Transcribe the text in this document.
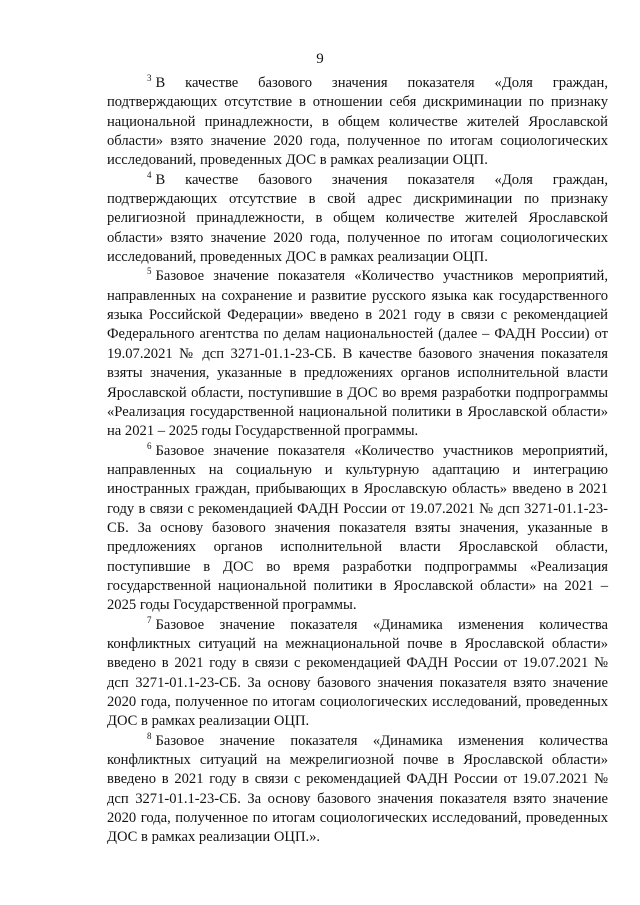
9

$^3$ В качестве базового значения показателя «Доля граждан, подтверждающих отсутствие в отношении себя дискриминации по признаку национальной принадлежности, в общем количестве жителей Ярославской области» взято значение 2020 года, полученное по итогам социологических исследований, проведенных ДОС в рамках реализации ОЦП.

$^4$ В качестве базового значения показателя «Доля граждан, подтверждающих отсутствие в свой адрес дискриминации по признаку религиозной принадлежности, в общем количестве жителей Ярославской области» взято значение 2020 года, полученное по итогам социологических исследований, проведенных ДОС в рамках реализации ОЦП.

$^5$ Базовое значение показателя «Количество участников мероприятий, направленных на сохранение и развитие русского языка как государственного языка Российской Федерации» введено в 2021 году в связи с рекомендацией Федерального агентства по делам национальностей (далее – ФАДН России) от 19.07.2021 № дсп 3271-01.1-23-СБ. В качестве базового значения показателя взяты значения, указанные в предложениях органов исполнительной власти Ярославской области, поступившие в ДОС во время разработки подпрограммы «Реализация государственной национальной политики в Ярославской области» на 2021 – 2025 годы Государственной программы.

$^6$ Базовое значение показателя «Количество участников мероприятий, направленных на социальную и культурную адаптацию и интеграцию иностранных граждан, прибывающих в Ярославскую область» введено в 2021 году в связи с рекомендацией ФАДН России от 19.07.2021 № дсп 3271-01.1-23-СБ. За основу базового значения показателя взяты значения, указанные в предложениях органов исполнительной власти Ярославской области, поступившие в ДОС во время разработки подпрограммы «Реализация государственной национальной политики в Ярославской области» на 2021 – 2025 годы Государственной программы.

$^7$ Базовое значение показателя «Динамика изменения количества конфликтных ситуаций на межнациональной почве в Ярославской области» введено в 2021 году в связи с рекомендацией ФАДН России от 19.07.2021 № дсп 3271-01.1-23-СБ. За основу базового значения показателя взято значение 2020 года, полученное по итогам социологических исследований, проведенных ДОС в рамках реализации ОЦП.

$^8$ Базовое значение показателя «Динамика изменения количества конфликтных ситуаций на межрелигиозной почве в Ярославской области» введено в 2021 году в связи с рекомендацией ФАДН России от 19.07.2021 № дсп 3271-01.1-23-СБ. За основу базового значения показателя взято значение 2020 года, полученное по итогам социологических исследований, проведенных ДОС в рамках реализации ОЦП.».
